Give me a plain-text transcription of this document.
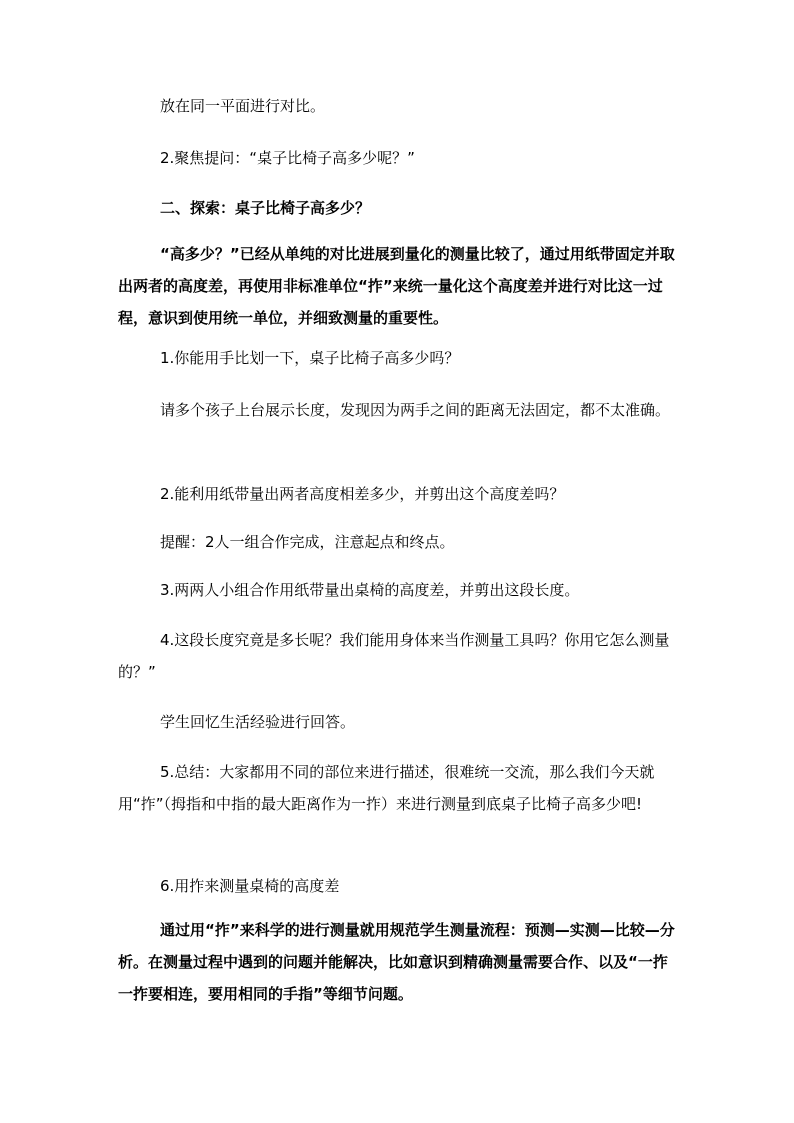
放在同一平面进行对比。

2.聚焦提问：“桌子比椅子高多少呢？”

二、探索：桌子比椅子高多少？

“高多少？”已经从单纯的对比进展到量化的测量比较了，通过用纸带固定并取出两者的高度差，再使用非标准单位“拃”来统一量化这个高度差并进行对比这一过程，意识到使用统一单位，并细致测量的重要性。

1.你能用手比划一下，桌子比椅子高多少吗？

请多个孩子上台展示长度，发现因为两手之间的距离无法固定，都不太准确。

2.能利用纸带量出两者高度相差多少，并剪出这个高度差吗？

提醒：2人一组合作完成，注意起点和终点。

3.两两人小组合作用纸带量出桌椅的高度差，并剪出这段长度。

4.这段长度究竟是多长呢？我们能用身体来当作测量工具吗？你用它怎么测量的？”

学生回忆生活经验进行回答。

5.总结：大家都用不同的部位来进行描述，很难统一交流，那么我们今天就用“拃”（拇指和中指的最大距离作为一拃）来进行测量到底桌子比椅子高多少吧!

6.用拃来测量桌椅的高度差

通过用“拃”来科学的进行测量就用规范学生测量流程：预测—实测—比较—分析。在测量过程中遇到的问题并能解决，比如意识到精确测量需要合作、以及“一拃一拃要相连，要用相同的手指”等细节问题。
